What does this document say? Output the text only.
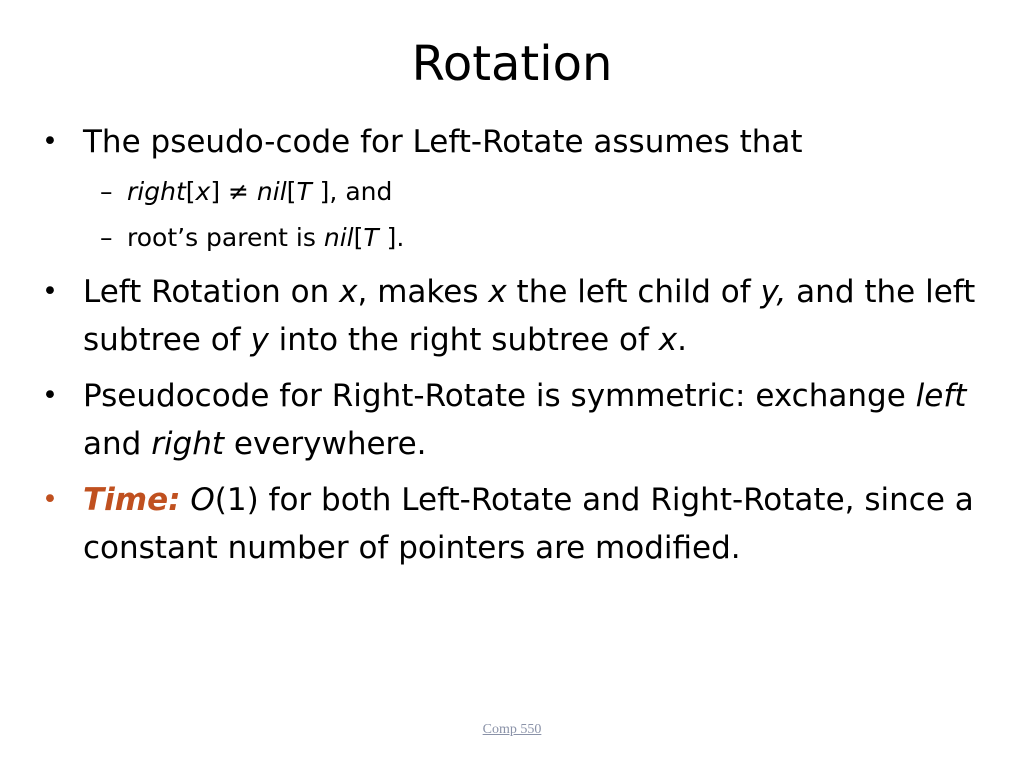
Rotation
• The pseudo-code for Left-Rotate assumes that
– right[x] ≠ nil[T ], and
– root’s parent is nil[T ].
• Left Rotation on x, makes x the left child of y, and the left subtree of y into the right subtree of x.
• Pseudocode for Right-Rotate is symmetric: exchange left and right everywhere.
• Time: O(1) for both Left-Rotate and Right-Rotate, since a constant number of pointers are modified.
Comp 550
